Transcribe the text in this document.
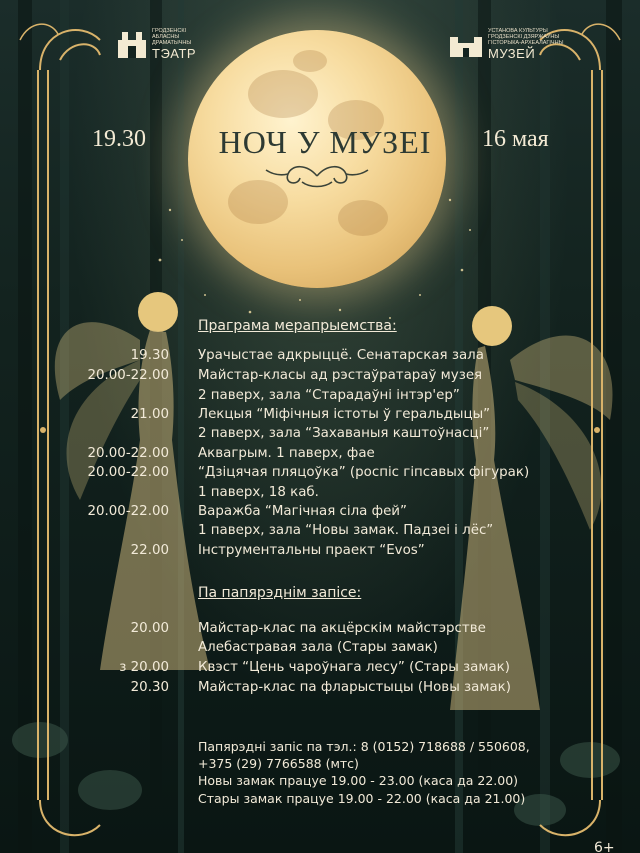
ГРОДЗЕНСКІ
АБЛАСНЫ
ДРАМАТЫЧНЫ
ТЭАТР
УСТАНОВА КУЛЬТУРЫ
ГРОДЗЕНСКІ ДЗЯРЖАЎНЫ
ГІСТОРЫКА-АРХЕАЛАГІЧНЫ
МУЗЕЙ
19.30	НОЧ У МУЗЕІ	16 мая
Праграма мерапрыемства:
19.30 Урачыстае адкрыццё. Сенатарская зала
20.00-22.00 Майстар-класы ад рэстаўратараў музея
2 паверх, зала “Старадаўні інтэр'ер”
21.00 Лекцыя “Міфічныя істоты ў геральдыцы”
2 паверх, зала “Захаваныя каштоўнасці”
20.00-22.00 Аквагрым. 1 паверх, фае
20.00-22.00 “Дзіцячая пляцоўка” (роспіс гіпсавых фігурак)
1 паверх, 18 каб.
20.00-22.00 Варажба “Магічная сіла фей”
1 паверх, зала “Новы замак. Падзеі і лёс”
22.00 Інструментальны праект “Evos”
Па папярэднім запісе:
20.00 Майстар-клас па акцёрскім майстэрстве
Алебастравая зала (Стары замак)
з 20.00 Квэст “Цень чароўнага лесу” (Стары замак)
20.30 Майстар-клас па фларыстыцы (Новы замак)
Папярэдні запіс па тэл.: 8 (0152) 718688 / 550608,
+375 (29) 7766588 (мтс)
Новы замак працуе 19.00 - 23.00 (каса да 22.00)
Стары замак працуе 19.00 - 22.00 (каса да 21.00)
6+
